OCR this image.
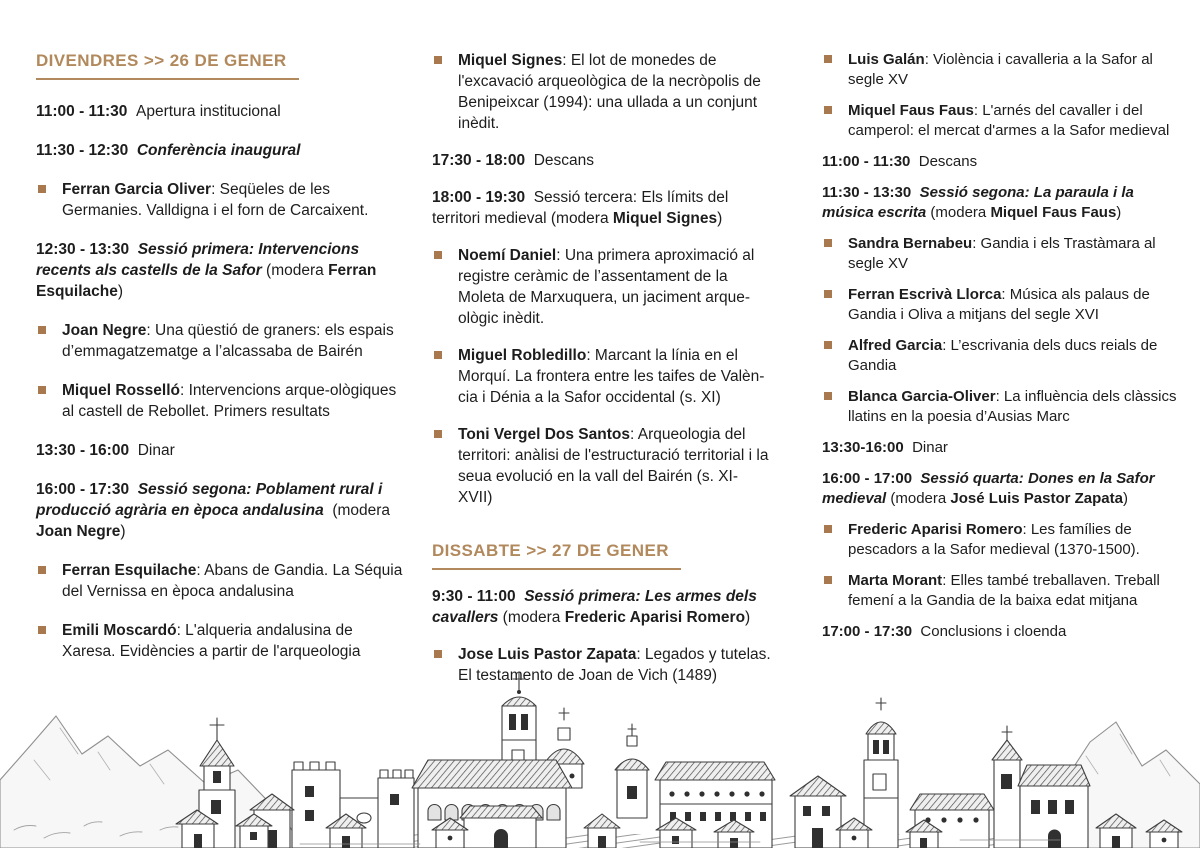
DIVENDRES >> 26 DE GENER
11:00 - 11:30 Apertura institucional
11:30 - 12:30 Conferència inaugural
Ferran Garcia Oliver: Seqüeles de les Germanies. Valldigna i el forn de Carcaixent.
12:30 - 13:30 Sessió primera: Intervencions recents als castells de la Safor (modera Ferran Esquilache)
Joan Negre: Una qüestió de graners: els espais d’emmagatzematge a l’alcassaba de Bairén
Miquel Rosselló: Intervencions arque-ològiques al castell de Rebollet. Primers resultats
13:30 - 16:00 Dinar
16:00 - 17:30 Sessió segona: Poblament rural i producció agrària en època andalusina  (modera Joan Negre)
Ferran Esquilache: Abans de Gandia. La Séquia del Vernissa en època andalusina
Emili Moscardó: L'alqueria andalusina de Xaresa. Evidències a partir de l'arqueologia
Miquel Signes: El lot de monedes de l'excavació arqueològica de la necròpolis de Benipeixcar (1994): una ullada a un conjunt inèdit.
17:30 - 18:00 Descans
18:00 - 19:30 Sessió tercera: Els límits del territori medieval (modera Miquel Signes)
Noemí Daniel: Una primera aproximació al registre ceràmic de l’assentament de la Moleta de Marxuquera, un jaciment arque-ològic inèdit.
Miguel Robledillo: Marcant la línia en el Morquí. La frontera entre les taifes de Valèn-cia i Dénia a la Safor occidental (s. XI)
Toni Vergel Dos Santos: Arqueologia del territori: anàlisi de l'estructuració territorial i la seua evolució en la vall del Bairén (s. XI-XVII)
DISSABTE >> 27 DE GENER
9:30 - 11:00 Sessió primera: Les armes dels cavallers (modera Frederic Aparisi Romero)
Jose Luis Pastor Zapata: Legados y tutelas. El testamento de Joan de Vich (1489)
Luis Galán: Violència i cavalleria a la Safor al segle XV
Miquel Faus Faus: L'arnés del cavaller i del camperol: el mercat d'armes a la Safor medieval
11:00 - 11:30 Descans
11:30 - 13:30 Sessió segona: La paraula i la música escrita (modera Miquel Faus Faus)
Sandra Bernabeu: Gandia i els Trastàmara al segle XV
Ferran Escrivà Llorca: Música als palaus de Gandia i Oliva a mitjans del segle XVI
Alfred Garcia: L’escrivania dels ducs reials de Gandia
Blanca Garcia-Oliver: La influència dels clàssics llatins en la poesia d’Ausias Marc
13:30-16:00 Dinar
16:00 - 17:00 Sessió quarta: Dones en la Safor medieval (modera José Luis Pastor Zapata)
Frederic Aparisi Romero: Les famílies de pescadors a la Safor medieval (1370-1500).
Marta Morant: Elles també treballaven. Treball femení a la Gandia de la baixa edat mitjana
17:00 - 17:30 Conclusions i cloenda
